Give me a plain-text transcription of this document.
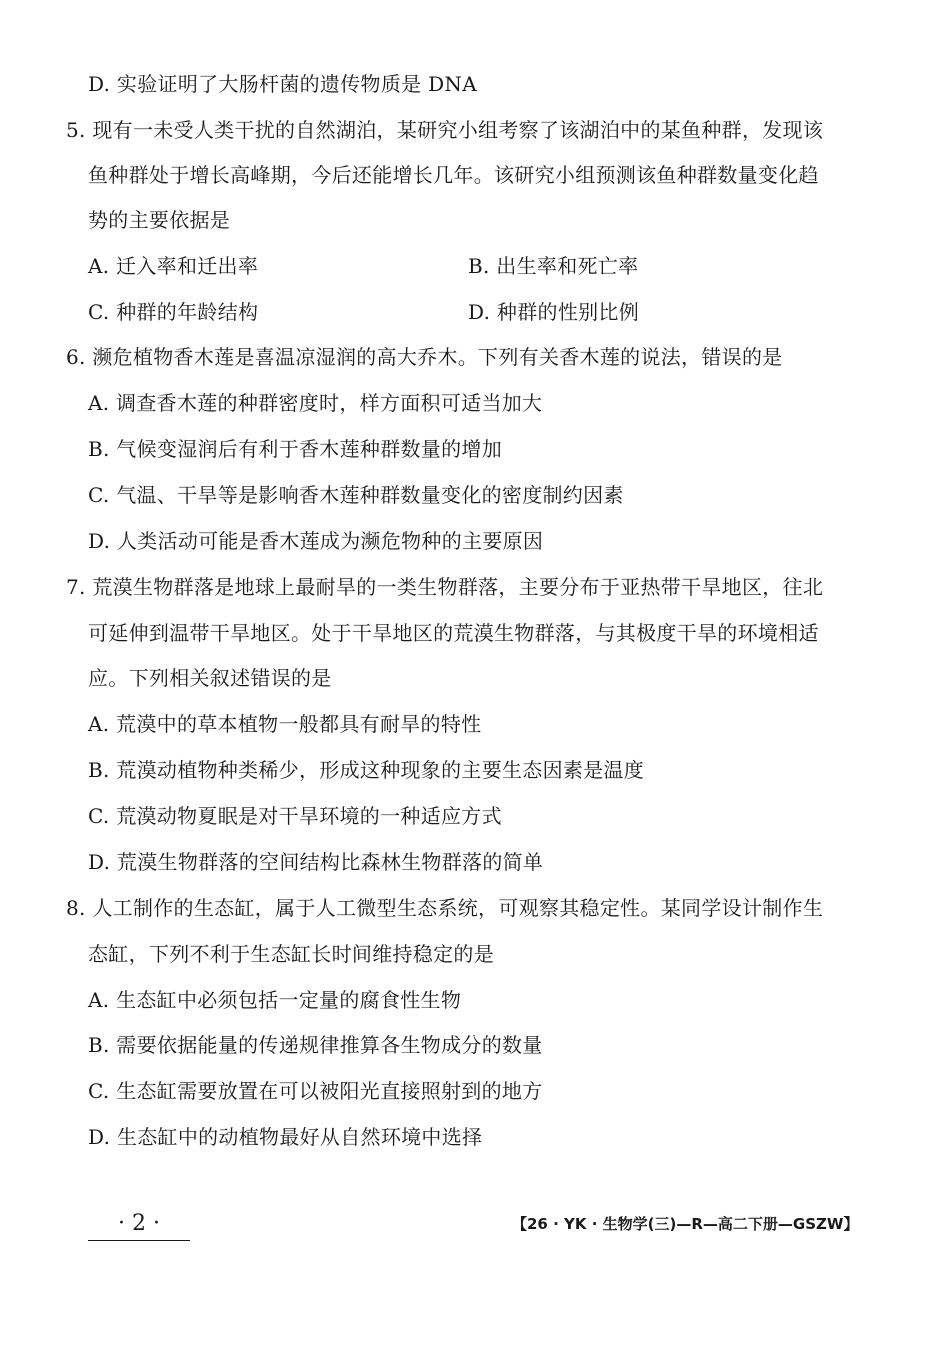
D. 实验证明了大肠杆菌的遗传物质是 DNA
5. 现有一未受人类干扰的自然湖泊，某研究小组考察了该湖泊中的某鱼种群，发现该
鱼种群处于增长高峰期，今后还能增长几年。该研究小组预测该鱼种群数量变化趋
势的主要依据是
A. 迁入率和迁出率	B. 出生率和死亡率
C. 种群的年龄结构	D. 种群的性别比例
6. 濒危植物香木莲是喜温凉湿润的高大乔木。下列有关香木莲的说法，错误的是
A. 调查香木莲的种群密度时，样方面积可适当加大
B. 气候变湿润后有利于香木莲种群数量的增加
C. 气温、干旱等是影响香木莲种群数量变化的密度制约因素
D. 人类活动可能是香木莲成为濒危物种的主要原因
7. 荒漠生物群落是地球上最耐旱的一类生物群落，主要分布于亚热带干旱地区，往北
可延伸到温带干旱地区。处于干旱地区的荒漠生物群落，与其极度干旱的环境相适
应。下列相关叙述错误的是
A. 荒漠中的草本植物一般都具有耐旱的特性
B. 荒漠动植物种类稀少，形成这种现象的主要生态因素是温度
C. 荒漠动物夏眠是对干旱环境的一种适应方式
D. 荒漠生物群落的空间结构比森林生物群落的简单
8. 人工制作的生态缸，属于人工微型生态系统，可观察其稳定性。某同学设计制作生
态缸，下列不利于生态缸长时间维持稳定的是
A. 生态缸中必须包括一定量的腐食性生物
B. 需要依据能量的传递规律推算各生物成分的数量
C. 生态缸需要放置在可以被阳光直接照射到的地方
D. 生态缸中的动植物最好从自然环境中选择
· 2 ·	【26 · YK · 生物学(三)—R—高二下册—GSZW】
